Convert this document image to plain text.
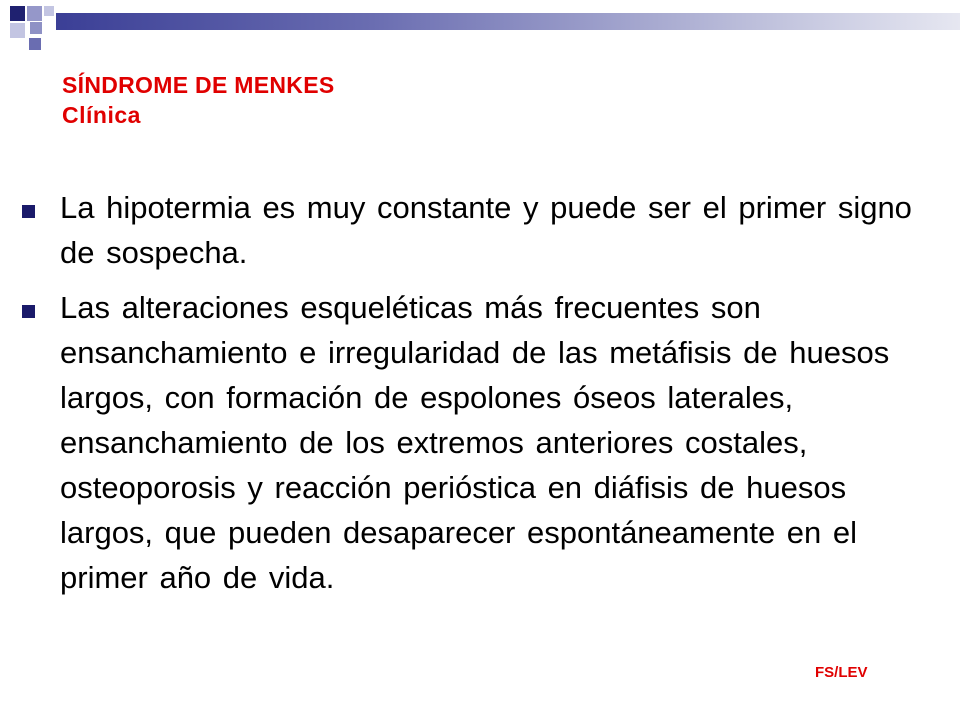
SÍNDROME DE MENKES
Clínica
La hipotermia es muy constante y puede ser el primer signo de sospecha.
Las alteraciones esqueléticas más frecuentes son ensanchamiento e irregularidad de las metáfisis de huesos largos, con formación de espolones óseos laterales, ensanchamiento de los extremos anteriores costales, osteoporosis y reacción perióstica en diáfisis de huesos largos, que pueden desaparecer espontáneamente en el primer año de vida.
FS/LEV
